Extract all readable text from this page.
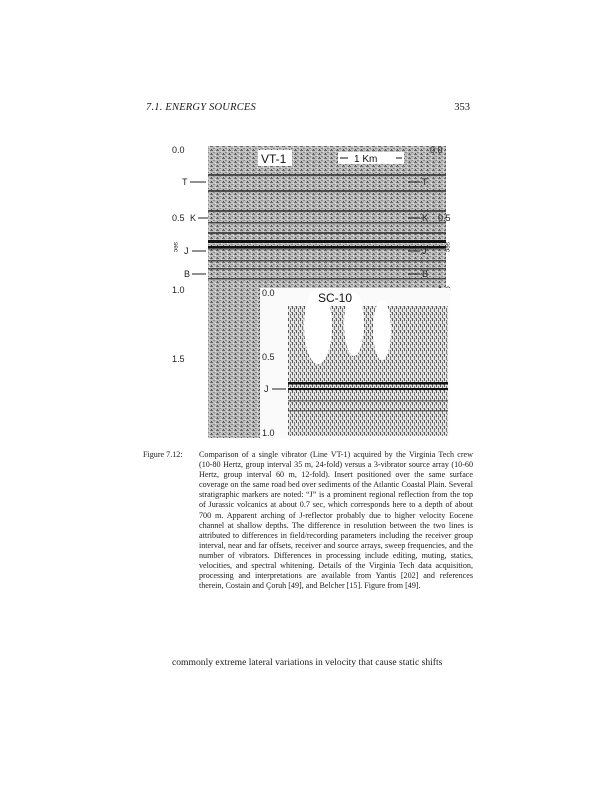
7.1. ENERGY SOURCES	353
0.0
0.5
1.0
1.5
T
K
J
B
0.0
0.5
T
K
J
B
sec	sec
VT-1	1 Km
SC-10
0.0
0.5
1.0
J
Figure 7.12: Comparison of a single vibrator (Line VT-1) acquired by the Virginia Tech crew (10-80 Hertz, group interval 35 m, 24-fold) versus a 3-vibrator source array (10-60 Hertz, group interval 60 m, 12-fold). Insert positioned over the same surface coverage on the same road bed over sediments of the Atlantic Coastal Plain. Several stratigraphic markers are noted: “J” is a prominent regional reflection from the top of Jurassic volcanics at about 0.7 sec, which corresponds here to a depth of about 700 m. Apparent arching of J-reflector probably due to higher velocity Eocene channel at shallow depths. The difference in resolution between the two lines is attributed to differences in field/recording parameters including the receiver group interval, near and far offsets, receiver and source arrays, sweep frequencies, and the number of vibrators. Differences in processing include editing, muting, statics, velocities, and spectral whitening. Details of the Virginia Tech data acquisition, processing and interpretations are available from Yantis [202] and references therein, Costain and Çoruh [49], and Belcher [15]. Figure from [49].
commonly extreme lateral variations in velocity that cause static shifts
